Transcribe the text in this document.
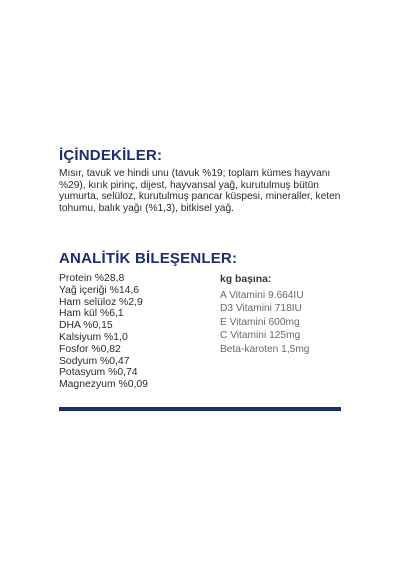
İÇİNDEKİLER:

Mısır, tavuk ve hindi unu (tavuk %19; toplam kümes hayvanı %29), kırık pirinç, dijest, hayvansal yağ, kurutulmuş bütün yumurta, selüloz, kurutulmuş pancar küspesi, mineraller, keten tohumu, balık yağı (%1,3), bitkisel yağ.

ANALİTİK BİLEŞENLER:
Protein %28,8
Yağ içeriği %14,6
Ham selüloz %2,9
Ham kül %6,1
DHA %0,15
Kalsiyum %1,0
Fosfor %0,82
Sodyum %0,47
Potasyum %0,74
Magnezyum %0,09
kg başına:
A Vitamini 9.664IU
D3 Vitamini 718IU
E Vitamini 600mg
C Vitamini 125mg
Beta-karoten 1,5mg
